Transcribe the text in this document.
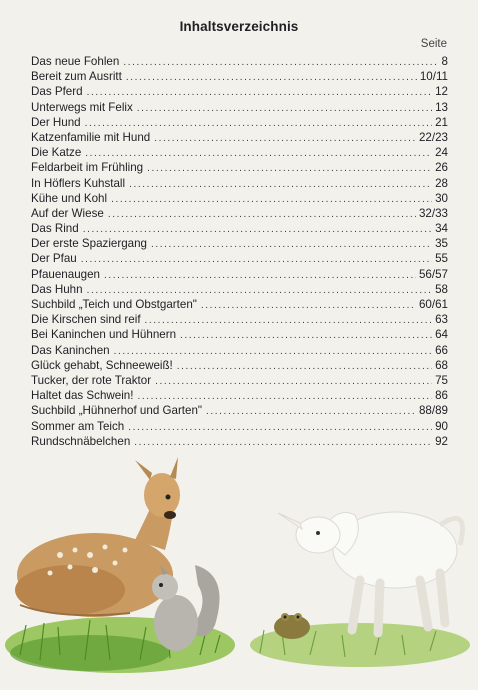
Inhaltsverzeichnis
Seite
Das neue Fohlen .....	8
Bereit zum Ausritt .....	10/11
Das Pferd .....	12
Unterwegs mit Felix .....	13
Der Hund .....	21
Katzenfamilie mit Hund .....	22/23
Die Katze .....	24
Feldarbeit im Frühling .....	26
In Höflers Kuhstall .....	28
Kühe und Kohl .....	30
Auf der Wiese .....	32/33
Das Rind .....	34
Der erste Spaziergang .....	35
Der Pfau .....	55
Pfauenaugen .....	56/57
Das Huhn .....	58
Suchbild „Teich und Obstgarten" .....	60/61
Die Kirschen sind reif .....	63
Bei Kaninchen und Hühnern .....	64
Das Kaninchen .....	66
Glück gehabt, Schneeweiß! .....	68
Tucker, der rote Traktor .....	75
Haltet das Schwein! .....	86
Suchbild „Hühnerhof und Garten" .....	88/89
Sommer am Teich .....	90
Rundschnäbelchen .....	92
